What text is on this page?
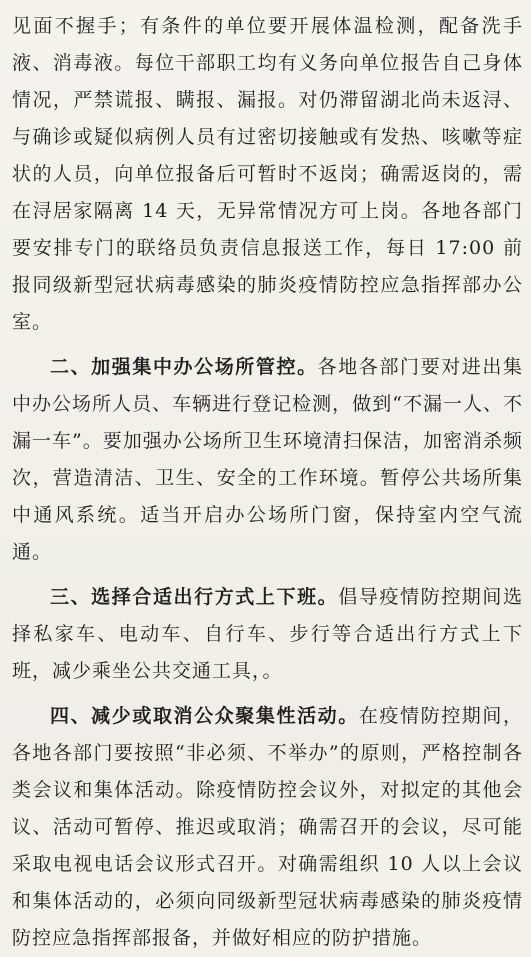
见面不握手；有条件的单位要开展体温检测，配备洗手液、消毒液。每位干部职工均有义务向单位报告自己身体情况，严禁谎报、瞒报、漏报。对仍滞留湖北尚未返浔、与确诊或疑似病例人员有过密切接触或有发热、咳嗽等症状的人员，向单位报备后可暂时不返岗；确需返岗的，需在浔居家隔离 14 天，无异常情况方可上岗。各地各部门要安排专门的联络员负责信息报送工作，每日 17:00 前报同级新型冠状病毒感染的肺炎疫情防控应急指挥部办公室。

二、加强集中办公场所管控。各地各部门要对进出集中办公场所人员、车辆进行登记检测，做到“不漏一人、不漏一车”。要加强办公场所卫生环境清扫保洁，加密消杀频次，营造清洁、卫生、安全的工作环境。暂停公共场所集中通风系统。适当开启办公场所门窗，保持室内空气流通。

三、选择合适出行方式上下班。倡导疫情防控期间选择私家车、电动车、自行车、步行等合适出行方式上下班，减少乘坐公共交通工具，。

四、减少或取消公众聚集性活动。在疫情防控期间，各地各部门要按照“非必须、不举办”的原则，严格控制各类会议和集体活动。除疫情防控会议外，对拟定的其他会议、活动可暂停、推迟或取消；确需召开的会议，尽可能采取电视电话会议形式召开。对确需组织 10 人以上会议和集体活动的，必须向同级新型冠状病毒感染的肺炎疫情防控应急指挥部报备，并做好相应的防护措施。
